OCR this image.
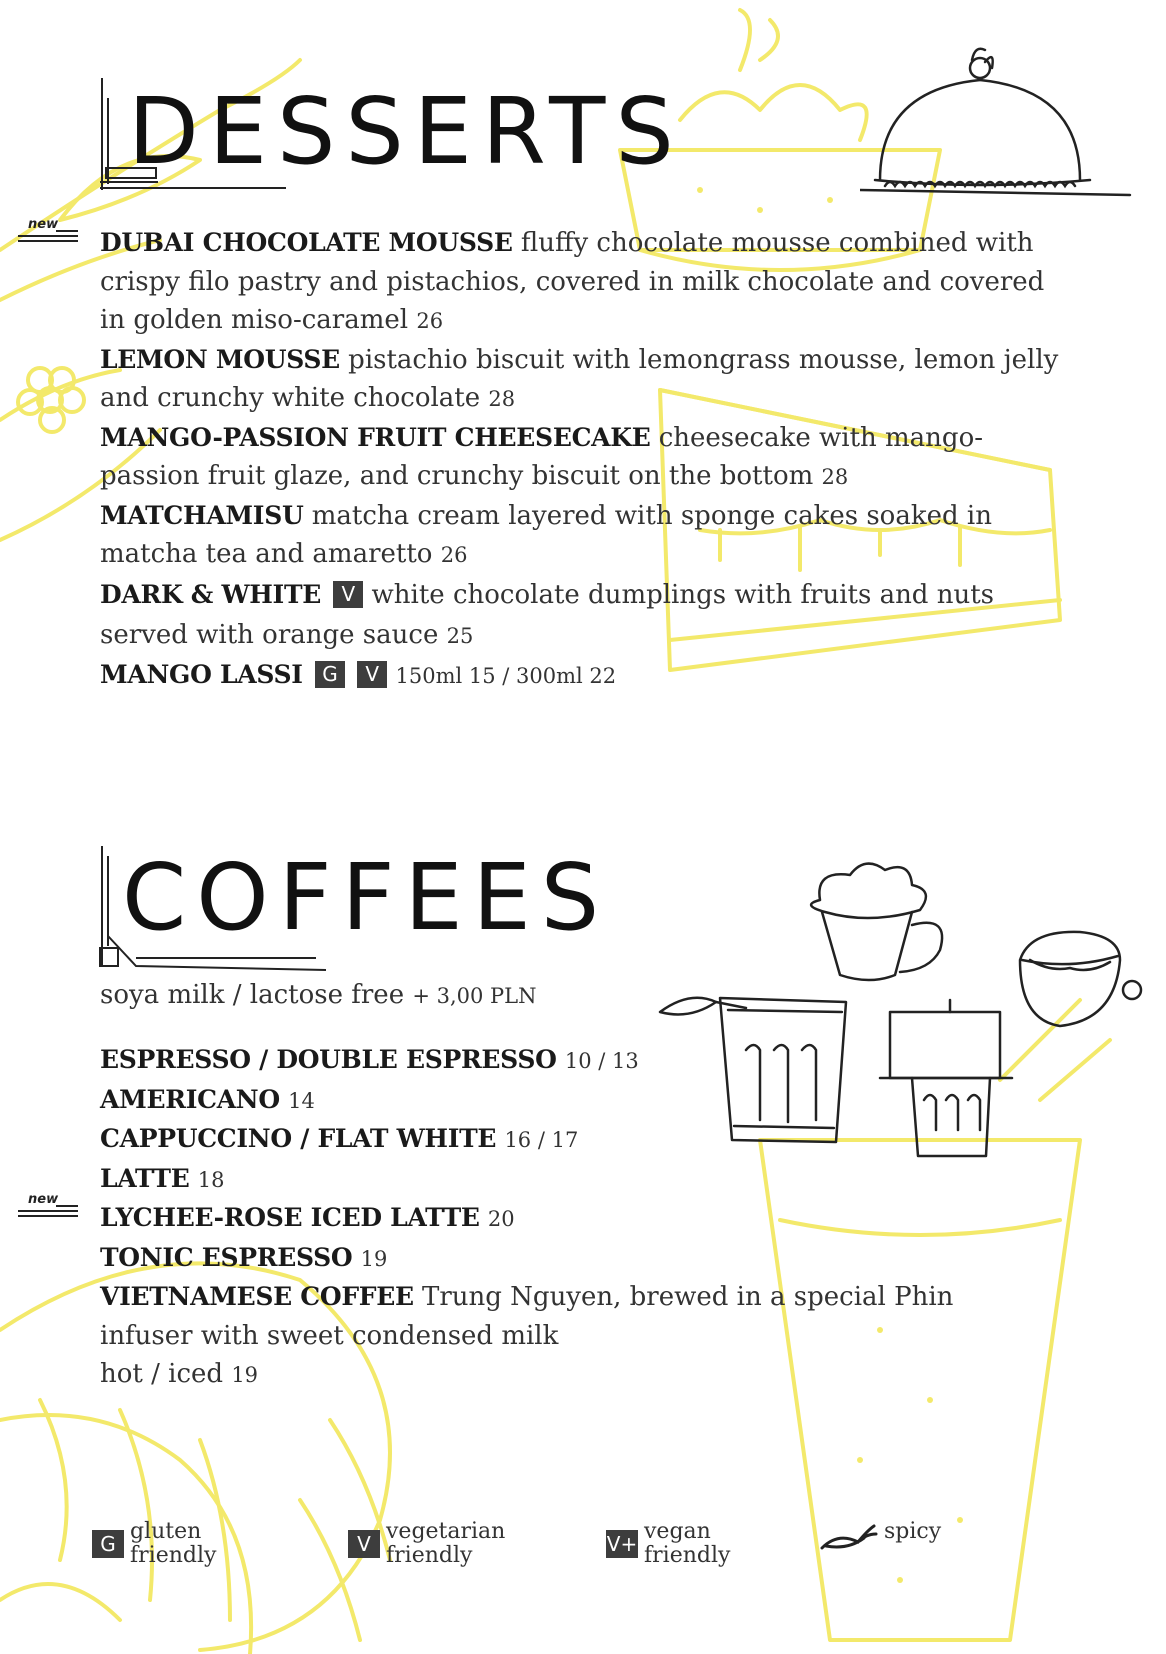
DESSERTS

new
DUBAI CHOCOLATE MOUSSE fluffy chocolate mousse combined with crispy filo pastry and pistachios, covered in milk chocolate and covered in golden miso-caramel 26

LEMON MOUSSE pistachio biscuit with lemongrass mousse, lemon jelly and crunchy white chocolate 28

MANGO-PASSION FRUIT CHEESECAKE cheesecake with mango-passion fruit glaze, and crunchy biscuit on the bottom 28

MATCHAMISU matcha cream layered with sponge cakes soaked in matcha tea and amaretto 26

DARK & WHITE V white chocolate dumplings with fruits and nuts served with orange sauce 25

MANGO LASSI G V 150ml 15 / 300ml 22

COFFEES
soya milk / lactose free + 3,00 PLN

ESPRESSO / DOUBLE ESPRESSO 10 / 13

AMERICANO 14

CAPPUCCINO / FLAT WHITE 16 / 17

LATTE 18

new
LYCHEE-ROSE ICED LATTE 20

TONIC ESPRESSO 19

VIETNAMESE COFFEE Trung Nguyen, brewed in a special Phin infuser with sweet condensed milk
hot / iced 19

G gluten friendly	V vegetarian friendly	V+ vegan friendly
spicy
